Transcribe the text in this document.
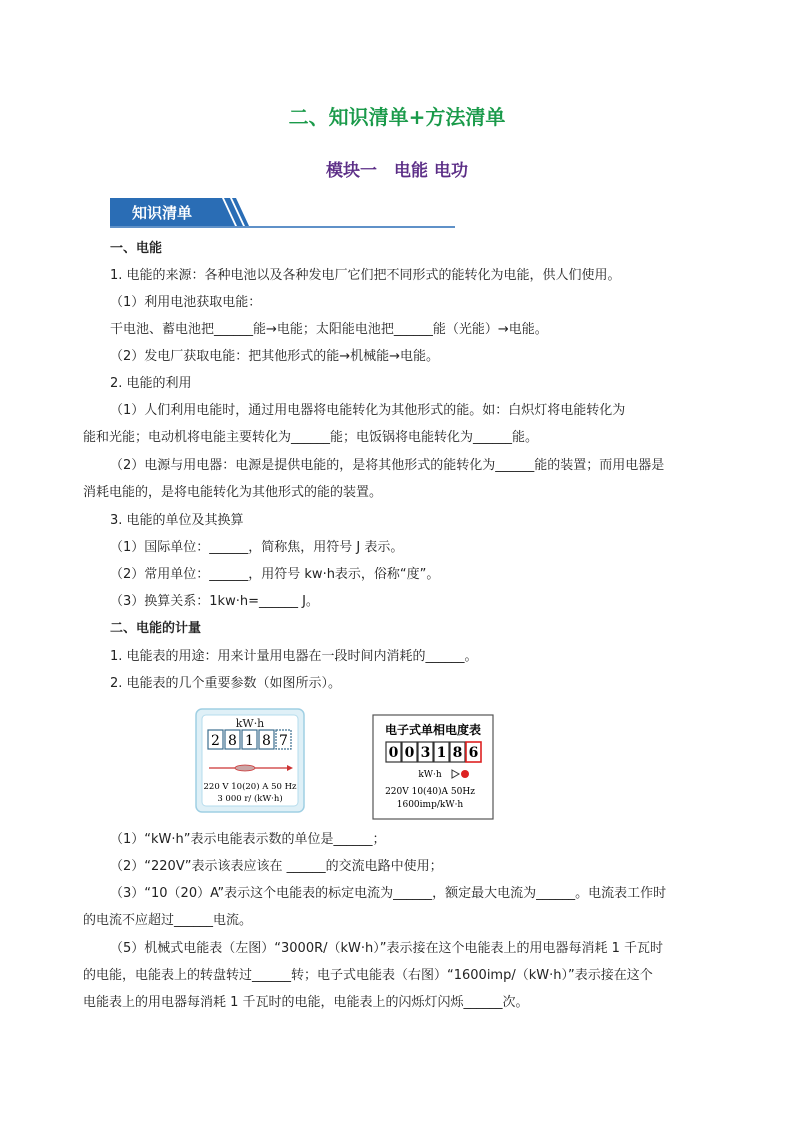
二、知识清单+方法清单
模块一　电能 电功
知识清单
一、电能
1. 电能的来源：各种电池以及各种发电厂它们把不同形式的能转化为电能，供人们使用。
（1）利用电池获取电能：
干电池、蓄电池把______能→电能；太阳能电池把______能（光能）→电能。
（2）发电厂获取电能：把其他形式的能→机械能→电能。
2. 电能的利用
（1）人们利用电能时，通过用电器将电能转化为其他形式的能。如：白炽灯将电能转化为
能和光能；电动机将电能主要转化为______能；电饭锅将电能转化为______能。
（2）电源与用电器：电源是提供电能的，是将其他形式的能转化为______能的装置；而用电器是
消耗电能的，是将电能转化为其他形式的能的装置。
3. 电能的单位及其换算
（1）国际单位：______，简称焦，用符号 J 表示。
（2）常用单位：______，用符号 kw·h表示，俗称“度”。
（3）换算关系：1kw·h=______ J。
二、电能的计量
1. 电能表的用途：用来计量用电器在一段时间内消耗的______。
2. 电能表的几个重要参数（如图所示）。
kW·h
2 8 1 8 7
220 V 10(20) A 50 Hz
3 000 r/ (kW·h)
电子式单相电度表
0 0 3 1 8 6
kW·h
220V 10(40)A 50Hz
1600imp/kW·h
（1）“kW·h”表示电能表示数的单位是______；
（2）“220V”表示该表应该在 ______的交流电路中使用；
（3）“10（20）A”表示这个电能表的标定电流为______，额定最大电流为______。电流表工作时
的电流不应超过______电流。
（5）机械式电能表（左图）“3000R/（kW·h）”表示接在这个电能表上的用电器每消耗 1 千瓦时
的电能，电能表上的转盘转过______转；电子式电能表（右图）“1600imp/（kW·h）”表示接在这个
电能表上的用电器每消耗 1 千瓦时的电能，电能表上的闪烁灯闪烁______次。
